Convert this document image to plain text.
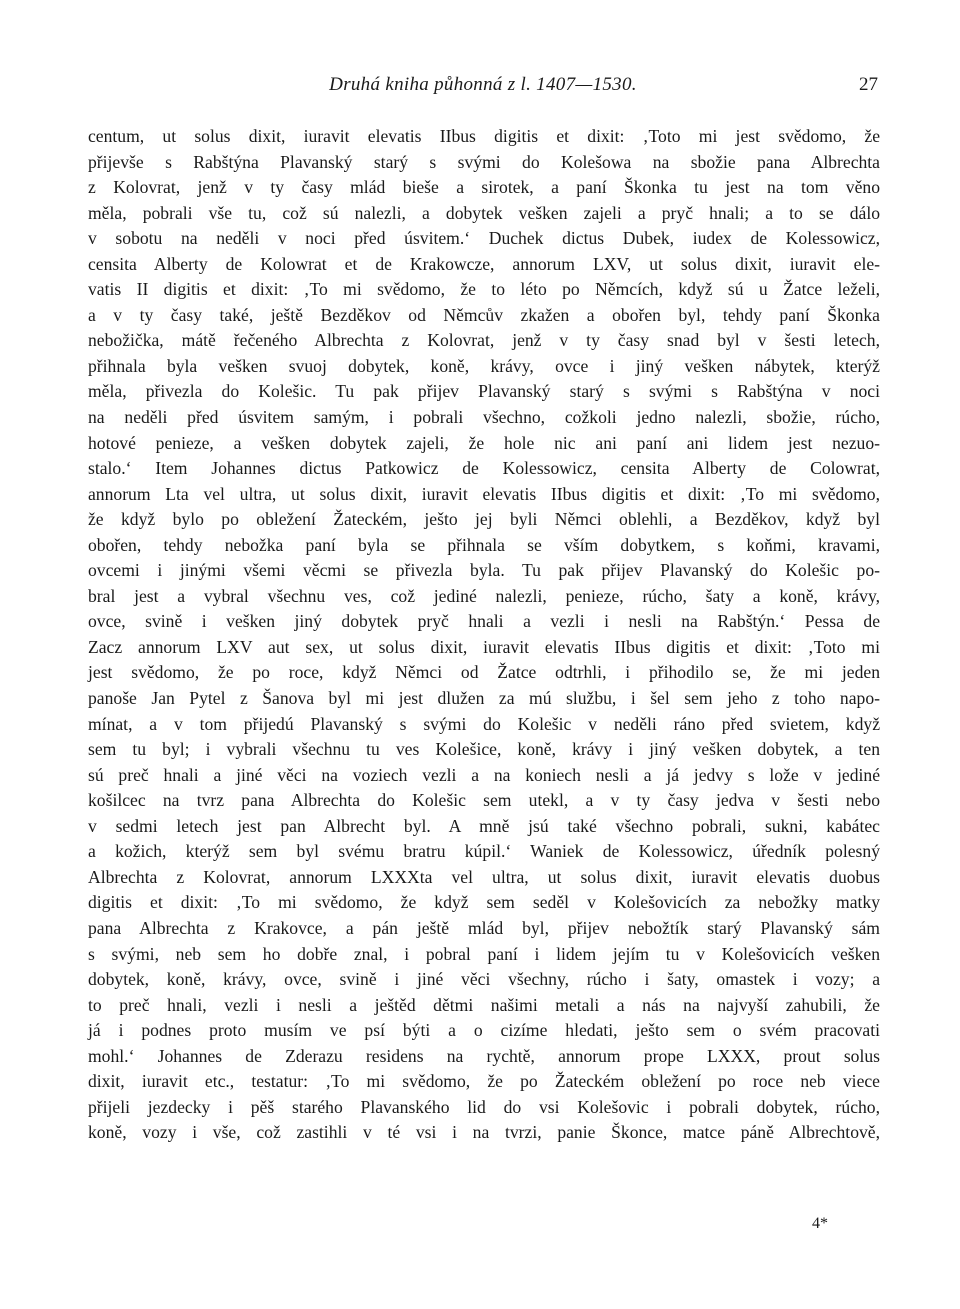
Druhá kniha půhonná z l. 1407—1530.	27
centum, ut solus dixit, iuravit elevatis IIbus digitis et dixit: ‚Toto mi jest svědomo, že
přijevše s Rabštýna Plavanský starý s svými do Kolešowa na sbožie pana Albrechta
z Kolovrat, jenž v ty časy mlád bieše a sirotek, a paní Škonka tu jest na tom věno
měla, pobrali vše tu, což sú nalezli, a dobytek vešken zajeli a pryč hnali; a to se dálo
v sobotu na neděli v noci před úsvitem.‘ Duchek dictus Dubek, iudex de Kolessowicz,
censita Alberty de Kolowrat et de Krakowcze, annorum LXV, ut solus dixit, iuravit ele-
vatis II digitis et dixit: ‚To mi svědomo, že to léto po Němcích, když sú u Žatce leželi,
a v ty časy také, ještě Bezděkov od Němcův zkažen a obořen byl, tehdy paní Škonka
nebožička, mátě řečeného Albrechta z Kolovrat, jenž v ty časy snad byl v šesti letech,
přihnala byla vešken svuoj dobytek, koně, krávy, ovce i jiný vešken nábytek, kterýž
měla, přivezla do Kolešic. Tu pak přijev Plavanský starý s svými s Rabštýna v noci
na neděli před úsvitem samým, i pobrali všechno, cožkoli jedno nalezli, sbožie, rúcho,
hotové penieze, a vešken dobytek zajeli, že hole nic ani paní ani lidem jest nezuo-
stalo.‘ Item Johannes dictus Patkowicz de Kolessowicz, censita Alberty de Colowrat,
annorum Lta vel ultra, ut solus dixit, iuravit elevatis IIbus digitis et dixit: ‚To mi svědomo,
že když bylo po obležení Žateckém, ješto jej byli Němci oblehli, a Bezděkov, když byl
obořen, tehdy nebožka paní byla se přihnala se vším dobytkem, s koňmi, kravami,
ovcemi i jinými všemi věcmi se přivezla byla. Tu pak přijev Plavanský do Kolešic po-
bral jest a vybral všechnu ves, což jediné nalezli, penieze, rúcho, šaty a koně, krávy,
ovce, svině i vešken jiný dobytek pryč hnali a vezli i nesli na Rabštýn.‘ Pessa de
Zacz annorum LXV aut sex, ut solus dixit, iuravit elevatis IIbus digitis et dixit: ‚Toto mi
jest svědomo, že po roce, když Němci od Žatce odtrhli, i přihodilo se, že mi jeden
panoše Jan Pytel z Šanova byl mi jest dlužen za mú službu, i šel sem jeho z toho napo-
mínat, a v tom přijedú Plavanský s svými do Kolešic v neděli ráno před svietem, když
sem tu byl; i vybrali všechnu tu ves Kolešice, koně, krávy i jiný vešken dobytek, a ten
sú preč hnali a jiné věci na voziech vezli a na koniech nesli a já jedvy s lože v jediné
košilcec na tvrz pana Albrechta do Kolešic sem utekl, a v ty časy jedva v šesti nebo
v sedmi letech jest pan Albrecht byl. A mně jsú také všechno pobrali, sukni, kabátec
a kožich, kterýž sem byl svému bratru kúpil.‘ Waniek de Kolessowicz, úředník polesný
Albrechta z Kolovrat, annorum LXXXta vel ultra, ut solus dixit, iuravit elevatis duobus
digitis et dixit: ‚To mi svědomo, že když sem seděl v Kolešovicích za nebožky matky
pana Albrechta z Krakovce, a pán ještě mlád byl, přijev nebožtík starý Plavanský sám
s svými, neb sem ho dobře znal, i pobral paní i lidem jejím tu v Kolešovicích vešken
dobytek, koně, krávy, ovce, svině i jiné věci všechny, rúcho i šaty, omastek i vozy; a
to preč hnali, vezli i nesli a ještěd dětmi našimi metali a nás na najvyší zahubili, že
já i podnes proto musím ve psí býti a o cizíme hledati, ješto sem o svém pracovati
mohl.‘ Johannes de Zderazu residens na rychtě, annorum prope LXXX, prout solus
dixit, iuravit etc., testatur: ‚To mi svědomo, že po Žateckém obležení po roce neb viece
přijeli jezdecky i pěš starého Plavanského lid do vsi Kolešovic i pobrali dobytek, rúcho,
koně, vozy i vše, což zastihli v té vsi i na tvrzi, panie Škonce, matce páně Albrechtově,
4*
